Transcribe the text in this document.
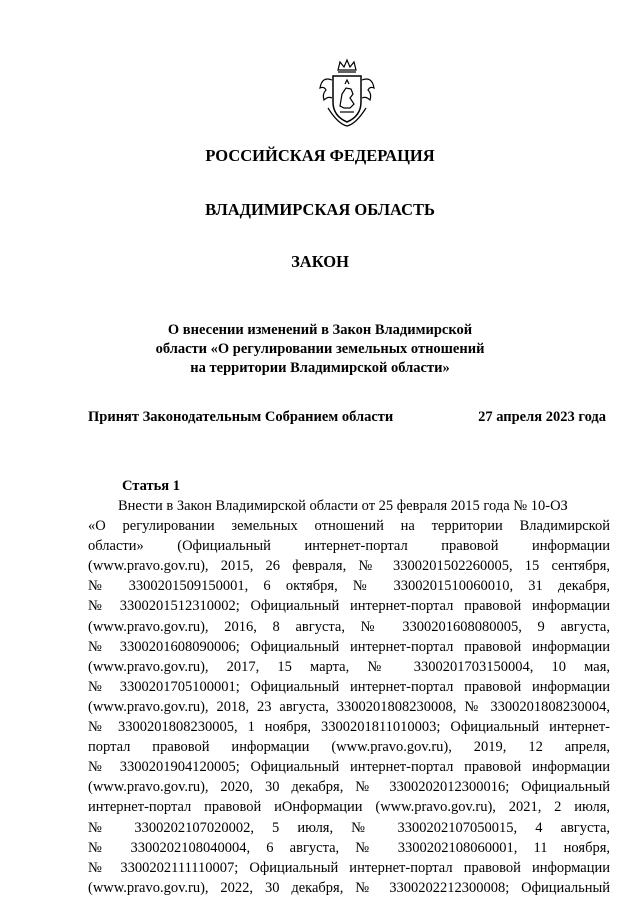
РОССИЙСКАЯ ФЕДЕРАЦИЯ
ВЛАДИМИРСКАЯ ОБЛАСТЬ
ЗАКОН
О внесении изменений в Закон Владимирской
области «О регулировании земельных отношений
на территории Владимирской области»
Принят Законодательным Собранием области	27 апреля 2023 года
Статья 1
Внести в Закон Владимирской области от 25 февраля 2015 года № 10-ОЗ
«О регулировании земельных отношений на территории Владимирской
области» (Официальный интернет-портал правовой информации
(www.pravo.gov.ru), 2015, 26 февраля, № 3300201502260005, 15 сентября,
№ 3300201509150001, 6 октября, № 3300201510060010, 31 декабря,
№ 3300201512310002; Официальный интернет-портал правовой информации
(www.pravo.gov.ru), 2016, 8 августа, № 3300201608080005, 9 августа,
№ 3300201608090006; Официальный интернет-портал правовой информации
(www.pravo.gov.ru), 2017, 15 марта, № 3300201703150004, 10 мая,
№ 3300201705100001; Официальный интернет-портал правовой информации
(www.pravo.gov.ru), 2018, 23 августа, 3300201808230008, № 3300201808230004,
№ 3300201808230005, 1 ноября, 3300201811010003; Официальный интернет-
портал правовой информации (www.pravo.gov.ru), 2019, 12 апреля,
№ 3300201904120005; Официальный интернет-портал правовой информации
(www.pravo.gov.ru), 2020, 30 декабря, № 3300202012300016; Официальный
интернет-портал правовой иОнформации (www.pravo.gov.ru), 2021, 2 июля,
№ 3300202107020002, 5 июля, № 3300202107050015, 4 августа,
№ 3300202108040004, 6 августа, № 3300202108060001, 11 ноября,
№ 3300202111110007; Официальный интернет-портал правовой информации
(www.pravo.gov.ru), 2022, 30 декабря, № 3300202212300008; Официальный
